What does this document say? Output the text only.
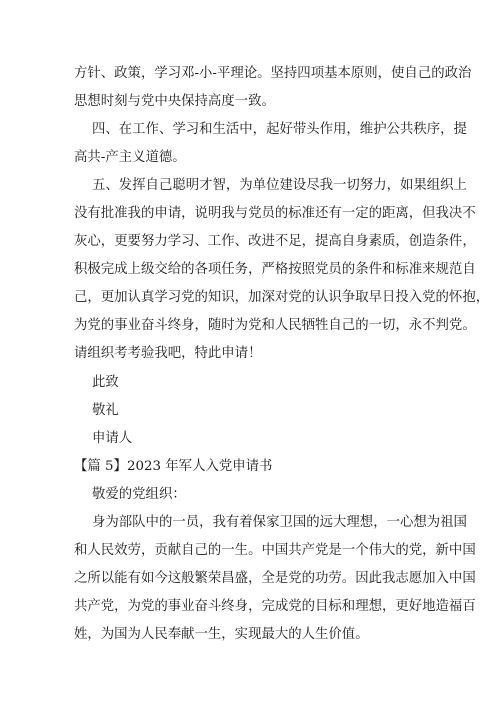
方针、政策，学习邓-小-平理论。坚持四项基本原则，使自己的政治
思想时刻与党中央保持高度一致。
四、在工作、学习和生活中，起好带头作用，维护公共秩序，提
高共-产主义道德。
五、发挥自己聪明才智，为单位建设尽我一切努力，如果组织上
没有批准我的申请，说明我与党员的标准还有一定的距离，但我决不
灰心，更要努力学习、工作、改进不足，提高自身素质，创造条件，
积极完成上级交给的各项任务，严格按照党员的条件和标准来规范自
己，更加认真学习党的知识，加深对党的认识争取早日投入党的怀抱，
为党的事业奋斗终身，随时为党和人民牺牲自己的一切，永不判党。
请组织考考验我吧，特此申请！
此致
敬礼
申请人
【篇 5】2023 年军人入党申请书
敬爱的党组织：
身为部队中的一员，我有着保家卫国的远大理想，一心想为祖国
和人民效劳，贡献自己的一生。中国共产党是一个伟大的党，新中国
之所以能有如今这般繁荣昌盛，全是党的功劳。因此我志愿加入中国
共产党，为党的事业奋斗终身，完成党的目标和理想，更好地造福百
姓，为国为人民奉献一生，实现最大的人生价值。
